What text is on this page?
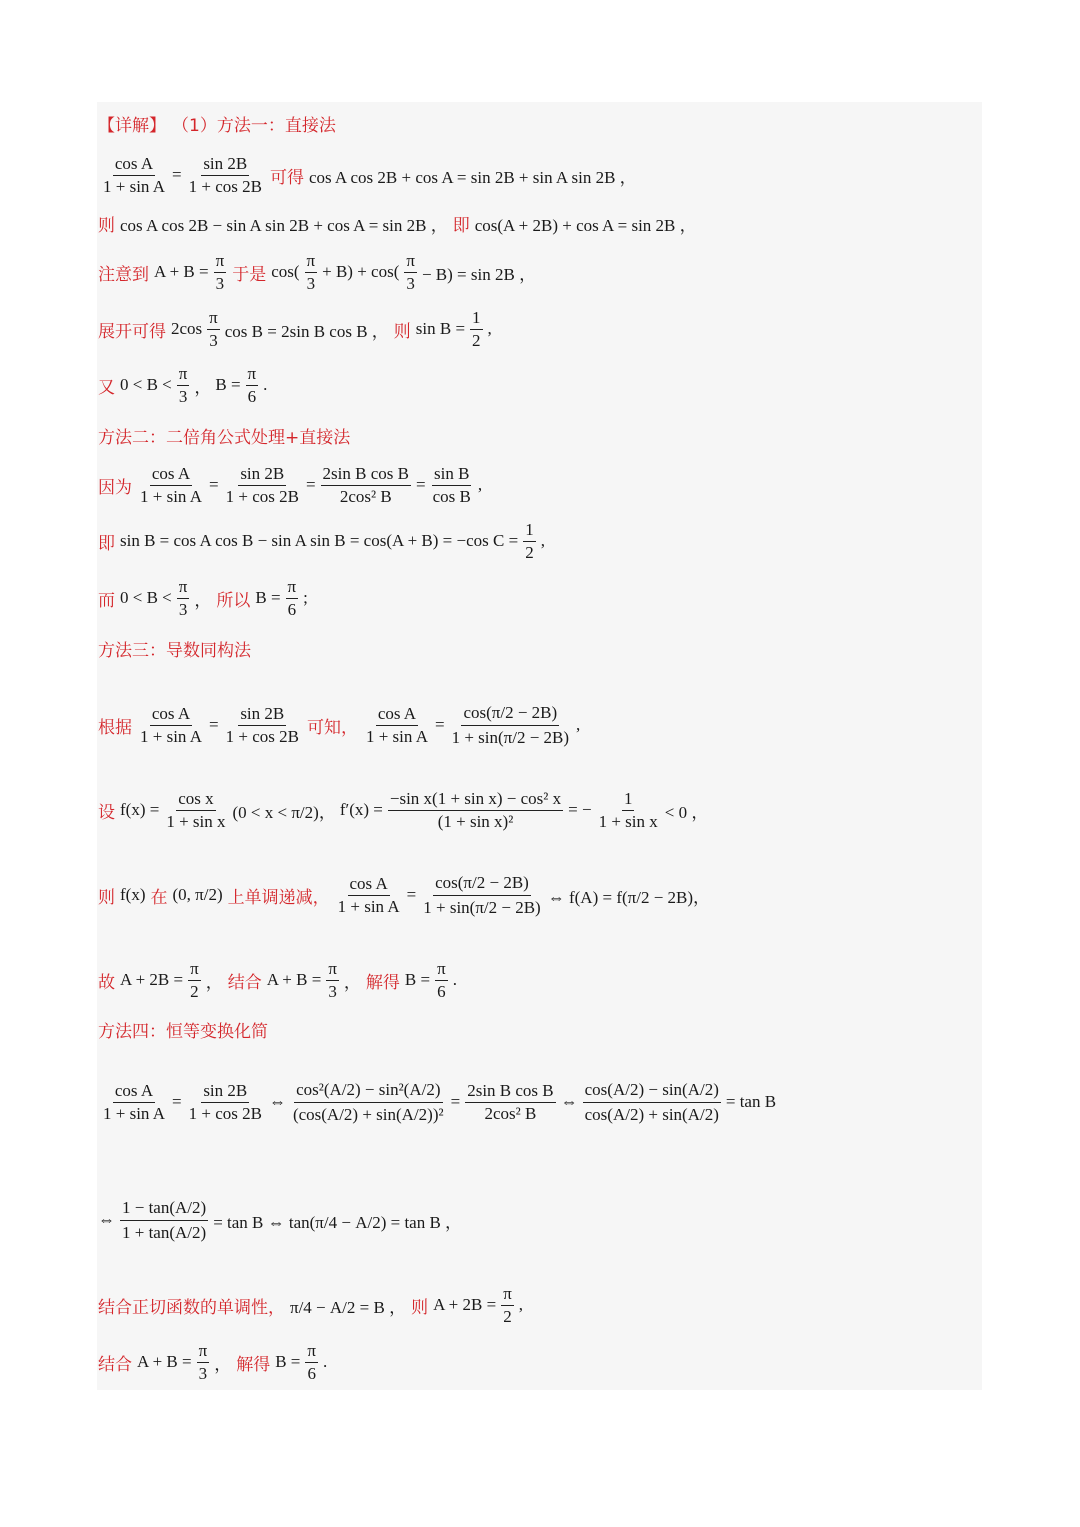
【详解】 （1）方法一：直接法
$\frac{\text{cos A}}{\text{1 + sin A}} = \frac{\sin 2B}{1 + \cos 2B}$ 可得 cos A cos 2B + cos A = sin 2B + sin A sin 2B ，
则 cos A cos 2B − sin A sin 2B + cos A = sin 2B ， 即 cos(A + 2B) + cos A = sin 2B ，
注意到 $A + B = \frac{\pi}{3}$ 于是 $\cos( \frac{\pi}{3} + B) + \cos( \frac{\pi}{3} - B) = \sin 2B$ ，
展开可得 $2\cos \frac{\pi}{3}$ cos B = 2sin B cos B ， 则 $\sin B = \frac{1}{2}$ ,
又 $0 < B < \frac{\pi}{3}$ ， $B = \frac{\pi}{6}$ .
方法二：二倍角公式处理+直接法
因为 $\frac{\text{cos A}}{\text{1 + sin A}} = \frac{\sin 2B}{1 + \cos 2B} = \frac{\text{2sin B cos B}}{\text{2cos² B}} = \frac{\text{sin B}}{\text{cos B}}$ ,
即 sin B = cos A cos B − sin A sin B = cos(A + B) = −cos $C = \frac{1}{2}$ ,
而 $0 < B < \frac{\pi}{3}$ ， 所以 $B = \frac{\pi}{6}$ ;
方法三：导数同构法
根据 $\frac{\text{cos A}}{\text{1 + sin A}} = \frac{\sin 2B}{1 + \cos 2B}$ 可知， $\frac{\text{cos A}}{\text{1 + sin A}} = \frac{\cos(\pi/2 - 2B)}{1 + \sin(\pi/2 - 2B)}$ ,
设 $f(x) = \frac{\text{cos x}}{\text{1 + sin x}} (0 < x < \pi/2)$， $f'(x) = \frac{\text{−sin x(1 + sin x) − cos² x}}{\text{(1 + sin x)²}}$ = − $\frac{1}{\text{1 + sin x}} < 0$ ，
则 f(x) 在 (0, π/2) 上单调递减， $\frac{\text{cos A}}{\text{1 + sin A}} = \frac{\cos(\pi/2 - 2B)}{1 + \sin(\pi/2 - 2B)}$ ⇔ f(A) = f(π/2 − 2B)，
故 $A + 2B = \frac{\pi}{2}$ ， 结合 $A + B = \frac{\pi}{3}$ ， 解得 $B = \frac{\pi}{6}$ .
方法四：恒等变换化简
$\frac{\text{cos A}}{\text{1 + sin A}} = \frac{\sin 2B}{1 + \cos 2B}$ ⇔ $\frac{\text{cos²(A/2) − sin²(A/2)}}{\text{(cos(A/2) + sin(A/2))²}} = \frac{\text{2sin B cos B}}{\text{2cos² B}}$ ⇔ $\frac{\cos(A/2) - \sin(A/2)}{\cos(A/2) + \sin(A/2)} = \tan B$
⇔ $\frac{1 - \tan(A/2)}{1 + \tan(A/2)} = \tan B$ ⇔ tan(π/4 − A/2) = tan B ，
结合正切函数的单调性， π/4 − A/2 = B ， 则 $A + 2B = \frac{\pi}{2}$ ,
结合 $A + B = \frac{\pi}{3}$ ， 解得 $B = \frac{\pi}{6}$ .
